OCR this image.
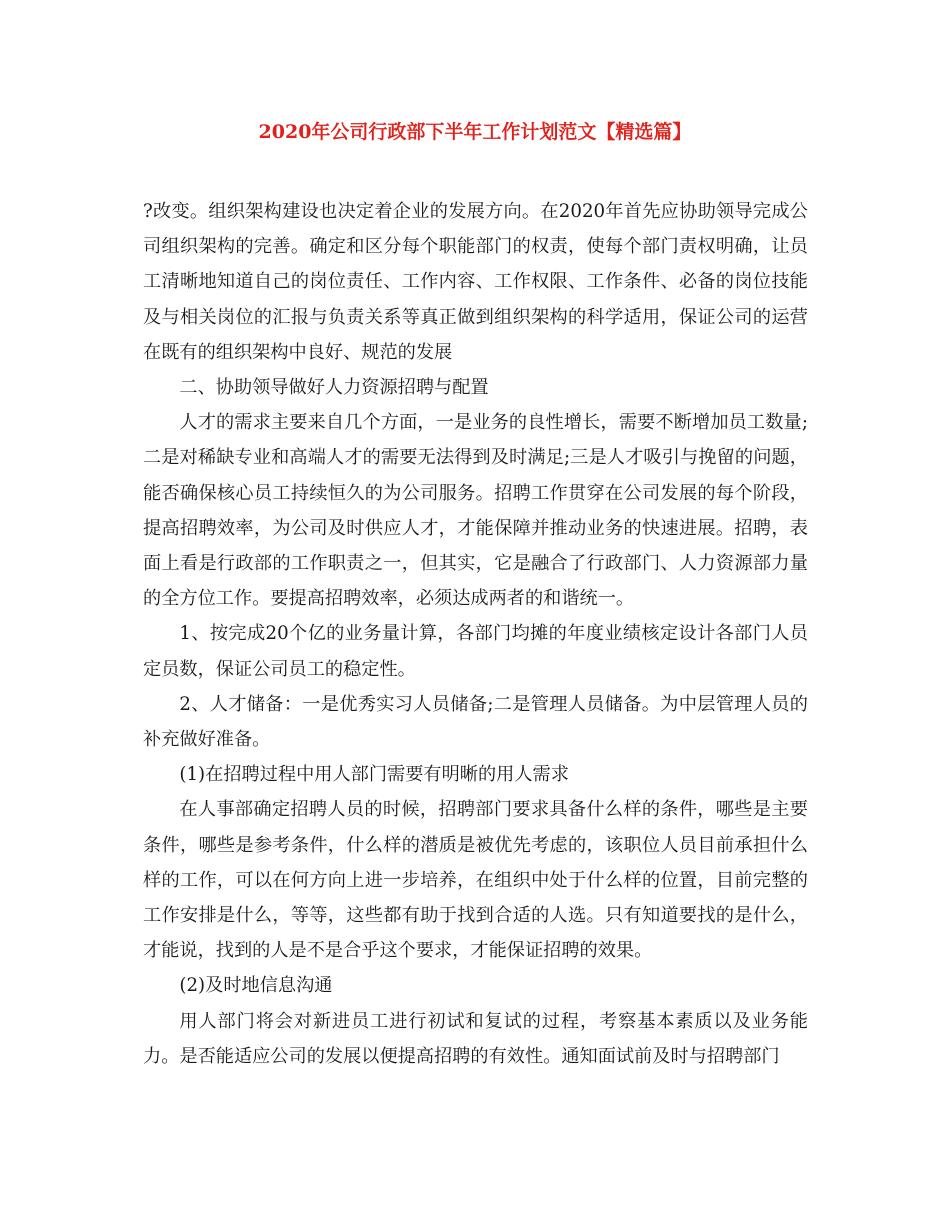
2020年公司行政部下半年工作计划范文【精选篇】

?改变。组织架构建设也决定着企业的发展方向。在2020年首先应协助领导完成公司组织架构的完善。确定和区分每个职能部门的权责，使每个部门责权明确，让员工清晰地知道自己的岗位责任、工作内容、工作权限、工作条件、必备的岗位技能及与相关岗位的汇报与负责关系等真正做到组织架构的科学适用，保证公司的运营在既有的组织架构中良好、规范的发展

二、协助领导做好人力资源招聘与配置

人才的需求主要来自几个方面，一是业务的良性增长，需要不断增加员工数量;二是对稀缺专业和高端人才的需要无法得到及时满足;三是人才吸引与挽留的问题，能否确保核心员工持续恒久的为公司服务。招聘工作贯穿在公司发展的每个阶段，提高招聘效率，为公司及时供应人才，才能保障并推动业务的快速进展。招聘，表面上看是行政部的工作职责之一，但其实，它是融合了行政部门、人力资源部力量的全方位工作。要提高招聘效率，必须达成两者的和谐统一。

1、按完成20个亿的业务量计算，各部门均摊的年度业绩核定设计各部门人员定员数，保证公司员工的稳定性。

2、人才储备：一是优秀实习人员储备;二是管理人员储备。为中层管理人员的补充做好准备。

(1)在招聘过程中用人部门需要有明晰的用人需求

在人事部确定招聘人员的时候，招聘部门要求具备什么样的条件，哪些是主要条件，哪些是参考条件，什么样的潜质是被优先考虑的，该职位人员目前承担什么样的工作，可以在何方向上进一步培养，在组织中处于什么样的位置，目前完整的工作安排是什么，等等，这些都有助于找到合适的人选。只有知道要找的是什么，才能说，找到的人是不是合乎这个要求，才能保证招聘的效果。

(2)及时地信息沟通

用人部门将会对新进员工进行初试和复试的过程，考察基本素质以及业务能力。是否能适应公司的发展以便提高招聘的有效性。通知面试前及时与招聘部门
